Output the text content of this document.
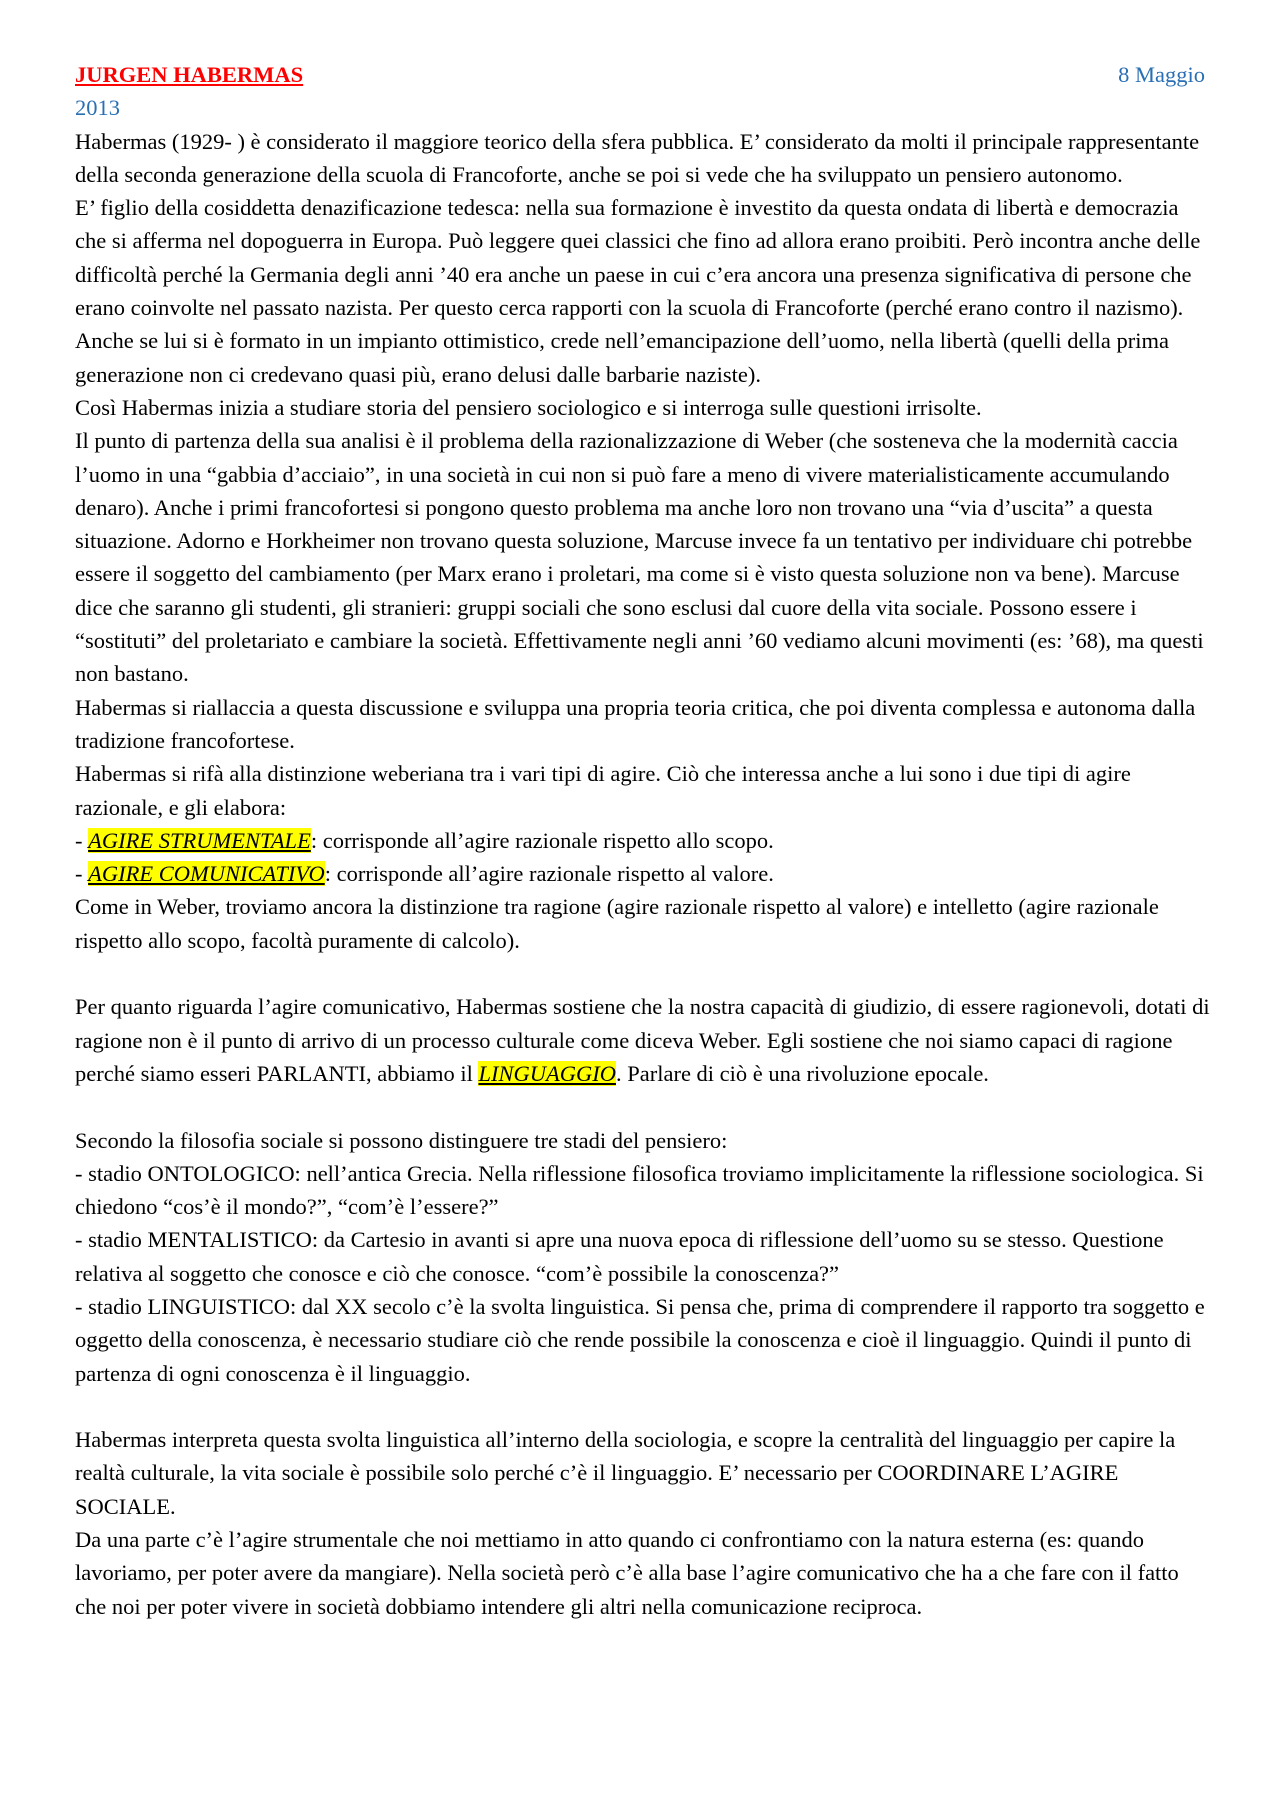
JURGEN HABERMAS	8 Maggio
2013

Habermas (1929- ) è considerato il maggiore teorico della sfera pubblica. E’ considerato da molti il principale rappresentante della seconda generazione della scuola di Francoforte, anche se poi si vede che ha sviluppato un pensiero autonomo.

E’ figlio della cosiddetta denazificazione tedesca: nella sua formazione è investito da questa ondata di libertà e democrazia che si afferma nel dopoguerra in Europa. Può leggere quei classici che fino ad allora erano proibiti. Però incontra anche delle difficoltà perché la Germania degli anni ’40 era anche un paese in cui c’era ancora una presenza significativa di persone che erano coinvolte nel passato nazista. Per questo cerca rapporti con la scuola di Francoforte (perché erano contro il nazismo).

Anche se lui si è formato in un impianto ottimistico, crede nell’emancipazione dell’uomo, nella libertà (quelli della prima generazione non ci credevano quasi più, erano delusi dalle barbarie naziste).

Così Habermas inizia a studiare storia del pensiero sociologico e si interroga sulle questioni irrisolte.

Il punto di partenza della sua analisi è il problema della razionalizzazione di Weber (che sosteneva che la modernità caccia l’uomo in una “gabbia d’acciaio”, in una società in cui non si può fare a meno di vivere materialisticamente accumulando denaro). Anche i primi francofortesi si pongono questo problema ma anche loro non trovano una “via d’uscita” a questa situazione. Adorno e Horkheimer non trovano questa soluzione, Marcuse invece fa un tentativo per individuare chi potrebbe essere il soggetto del cambiamento (per Marx erano i proletari, ma come si è visto questa soluzione non va bene). Marcuse dice che saranno gli studenti, gli stranieri: gruppi sociali che sono esclusi dal cuore della vita sociale. Possono essere i “sostituti” del proletariato e cambiare la società. Effettivamente negli anni ’60 vediamo alcuni movimenti (es: ’68), ma questi non bastano.

Habermas si riallaccia a questa discussione e sviluppa una propria teoria critica, che poi diventa complessa e autonoma dalla tradizione francofortese.

Habermas si rifà alla distinzione weberiana tra i vari tipi di agire. Ciò che interessa anche a lui sono i due tipi di agire razionale, e gli elabora:

- AGIRE STRUMENTALE: corrisponde all’agire razionale rispetto allo scopo.

- AGIRE COMUNICATIVO: corrisponde all’agire razionale rispetto al valore.

Come in Weber, troviamo ancora la distinzione tra ragione (agire razionale rispetto al valore) e intelletto (agire razionale rispetto allo scopo, facoltà puramente di calcolo).

Per quanto riguarda l’agire comunicativo, Habermas sostiene che la nostra capacità di giudizio, di essere ragionevoli, dotati di ragione non è il punto di arrivo di un processo culturale come diceva Weber. Egli sostiene che noi siamo capaci di ragione perché siamo esseri PARLANTI, abbiamo il LINGUAGGIO. Parlare di ciò è una rivoluzione epocale.

Secondo la filosofia sociale si possono distinguere tre stadi del pensiero:

- stadio ONTOLOGICO: nell’antica Grecia. Nella riflessione filosofica troviamo implicitamente la riflessione sociologica. Si chiedono “cos’è il mondo?”, “com’è l’essere?”

- stadio MENTALISTICO: da Cartesio in avanti si apre una nuova epoca di riflessione dell’uomo su se stesso. Questione relativa al soggetto che conosce e ciò che conosce. “com’è possibile la conoscenza?”

- stadio LINGUISTICO: dal XX secolo c’è la svolta linguistica. Si pensa che, prima di comprendere il rapporto tra soggetto e oggetto della conoscenza, è necessario studiare ciò che rende possibile la conoscenza e cioè il linguaggio. Quindi il punto di partenza di ogni conoscenza è il linguaggio.

Habermas interpreta questa svolta linguistica all’interno della sociologia, e scopre la centralità del linguaggio per capire la realtà culturale, la vita sociale è possibile solo perché c’è il linguaggio. E’ necessario per COORDINARE L’AGIRE SOCIALE.

Da una parte c’è l’agire strumentale che noi mettiamo in atto quando ci confrontiamo con la natura esterna (es: quando lavoriamo, per poter avere da mangiare). Nella società però c’è alla base l’agire comunicativo che ha a che fare con il fatto che noi per poter vivere in società dobbiamo intendere gli altri nella comunicazione reciproca.
